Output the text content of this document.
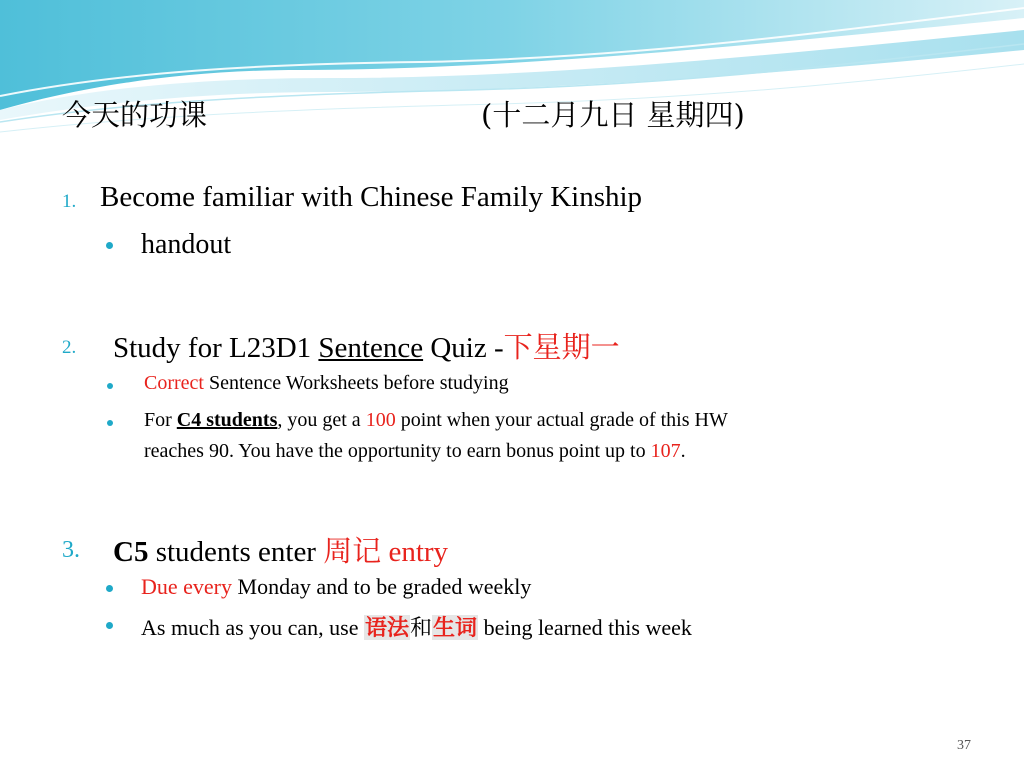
今天的功课	(十二月九日 星期四)
1. Become familiar with Chinese Family Kinship
handout
2. Study for L23D1 Sentence Quiz -下星期一
Correct Sentence Worksheets before studying
For C4 students, you get a 100 point when your actual grade of this HW
reaches 90. You have the opportunity to earn bonus point up to 107.
3. C5 students enter 周记 entry
Due every Monday and to be graded weekly
As much as you can, use 语法和生词 being learned this week
37
